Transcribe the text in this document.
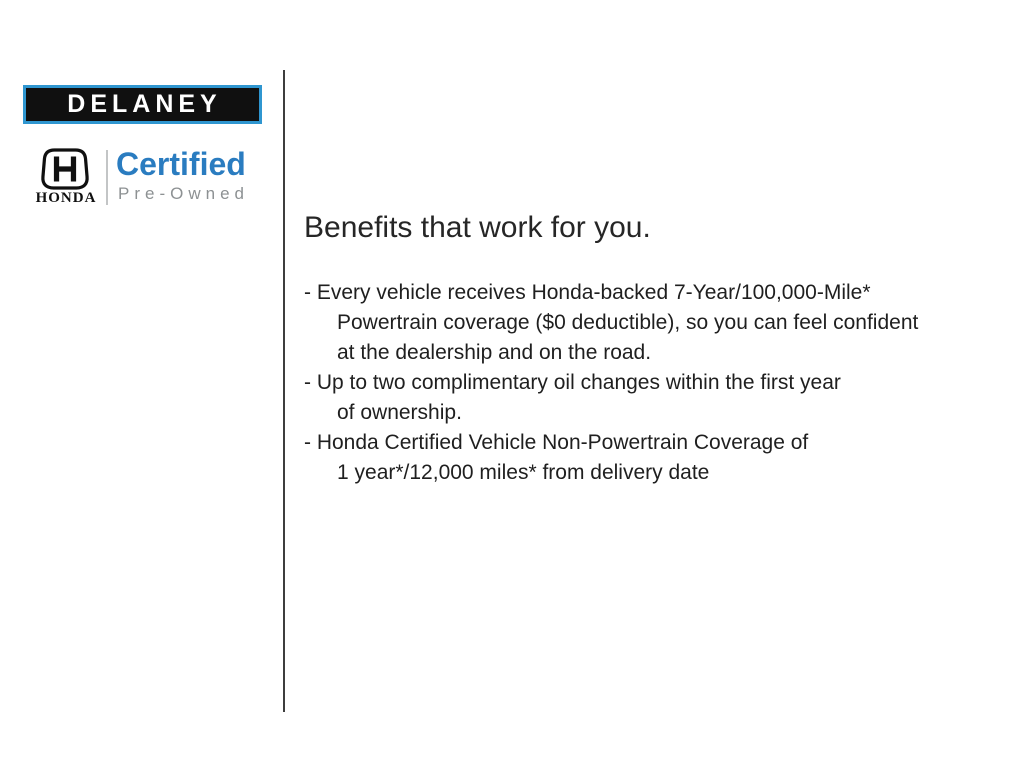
DELANEY
HONDA
Certified
Pre-Owned
Benefits that work for you.
- Every vehicle receives Honda-backed 7-Year/100,000-Mile*
Powertrain coverage ($0 deductible), so you can feel confident
at the dealership and on the road.
- Up to two complimentary oil changes within the first year
of ownership.
- Honda Certified Vehicle Non-Powertrain Coverage of
1 year*/12,000 miles* from delivery date
